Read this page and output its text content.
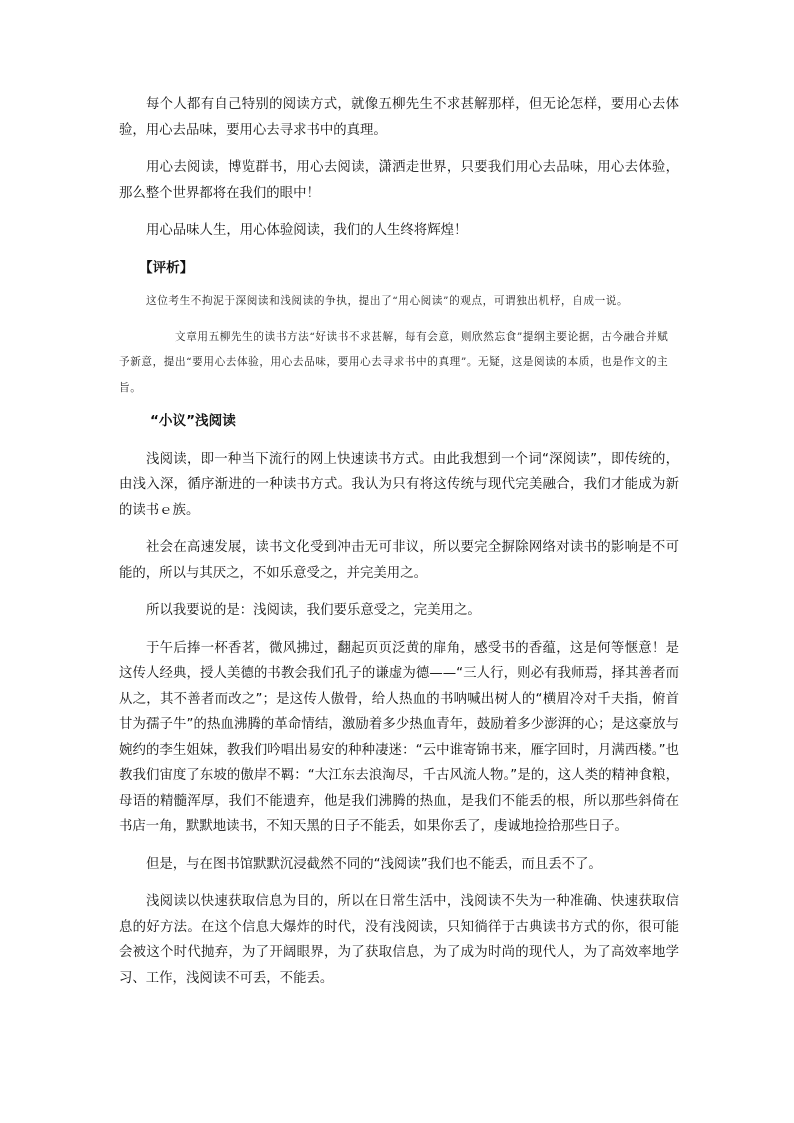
每个人都有自己特别的阅读方式，就像五柳先生不求甚解那样，但无论怎样，要用心去体验，用心去品味，要用心去寻求书中的真理。

用心去阅读，博览群书，用心去阅读，潇洒走世界，只要我们用心去品味，用心去体验，那么整个世界都将在我们的眼中！

用心品味人生，用心体验阅读，我们的人生终将辉煌！

【评析】

这位考生不拘泥于深阅读和浅阅读的争执，提出了“用心阅读”的观点，可谓独出机杼，自成一说。

文章用五柳先生的读书方法“好读书不求甚解，每有会意，则欣然忘食”提纲主要论据，古今融合并赋予新意，提出“要用心去体验，用心去品味，要用心去寻求书中的真理”。无疑，这是阅读的本质，也是作文的主旨。

“小议”浅阅读

浅阅读，即一种当下流行的网上快速读书方式。由此我想到一个词“深阅读”，即传统的，由浅入深，循序渐进的一种读书方式。我认为只有将这传统与现代完美融合，我们才能成为新的读书ｅ族。

社会在高速发展，读书文化受到冲击无可非议，所以要完全摒除网络对读书的影响是不可能的，所以与其厌之，不如乐意受之，并完美用之。

所以我要说的是：浅阅读，我们要乐意受之，完美用之。

于午后捧一杯香茗，微风拂过，翻起页页泛黄的扉角，感受书的香蕴，这是何等惬意！是这传人经典，授人美德的书教会我们孔子的谦虚为德——“三人行，则必有我师焉，择其善者而从之，其不善者而改之”；是这传人傲骨，给人热血的书呐喊出树人的“横眉冷对千夫指，俯首甘为孺子牛”的热血沸腾的革命情结，激励着多少热血青年，鼓励着多少澎湃的心；是这豪放与婉约的李生姐妹，教我们吟唱出易安的种种凄迷：“云中谁寄锦书来，雁字回时，月满西楼。”也教我们宙度了东坡的傲岸不羁：“大江东去浪淘尽，千古风流人物。”是的，这人类的精神食粮，母语的精髓浑厚，我们不能遗弃，他是我们沸腾的热血，是我们不能丢的根，所以那些斜倚在书店一角，默默地读书，不知天黑的日子不能丢，如果你丢了，虔诚地捡拾那些日子。

但是，与在图书馆默默沉浸截然不同的“浅阅读”我们也不能丢，而且丢不了。

浅阅读以快速获取信息为目的，所以在日常生活中，浅阅读不失为一种准确、快速获取信息的好方法。在这个信息大爆炸的时代，没有浅阅读，只知徜徉于古典读书方式的你，很可能会被这个时代抛弃，为了开阔眼界，为了获取信息，为了成为时尚的现代人，为了高效率地学习、工作，浅阅读不可丢，不能丢。
